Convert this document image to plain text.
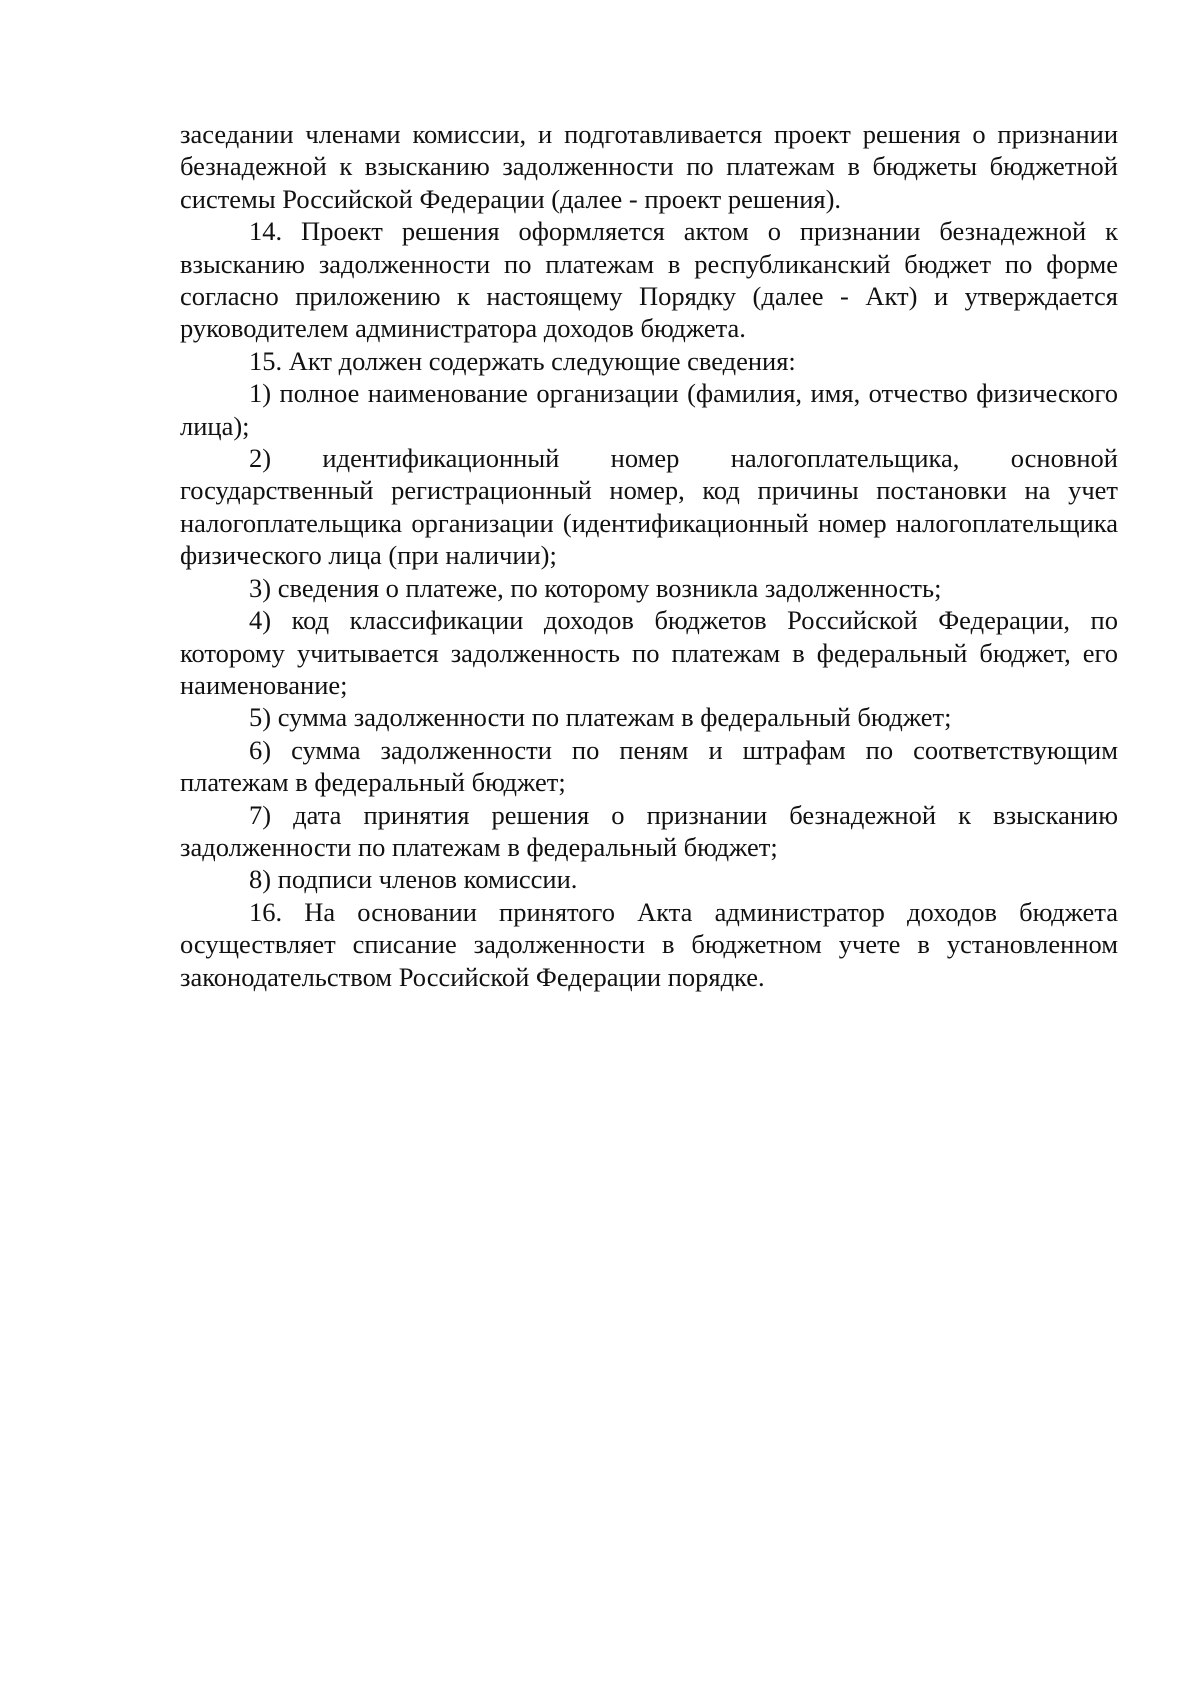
заседании членами комиссии, и подготавливается проект решения о признании безнадежной к взысканию задолженности по платежам в бюджеты бюджетной системы Российской Федерации (далее - проект решения).

14. Проект решения оформляется актом о признании безнадежной к взысканию задолженности по платежам в республиканский бюджет по форме согласно приложению к настоящему Порядку (далее - Акт) и утверждается руководителем администратора доходов бюджета.

15. Акт должен содержать следующие сведения:

1) полное наименование организации (фамилия, имя, отчество физического лица);

2) идентификационный номер налогоплательщика, основной государственный регистрационный номер, код причины постановки на учет налогоплательщика организации (идентификационный номер налогоплательщика физического лица (при наличии);

3) сведения о платеже, по которому возникла задолженность;

4) код классификации доходов бюджетов Российской Федерации, по которому учитывается задолженность по платежам в федеральный бюджет, его наименование;

5) сумма задолженности по платежам в федеральный бюджет;

6) сумма задолженности по пеням и штрафам по соответствующим платежам в федеральный бюджет;

7) дата принятия решения о признании безнадежной к взысканию задолженности по платежам в федеральный бюджет;

8) подписи членов комиссии.

16. На основании принятого Акта администратор доходов бюджета осуществляет списание задолженности в бюджетном учете в установленном законодательством Российской Федерации порядке.
